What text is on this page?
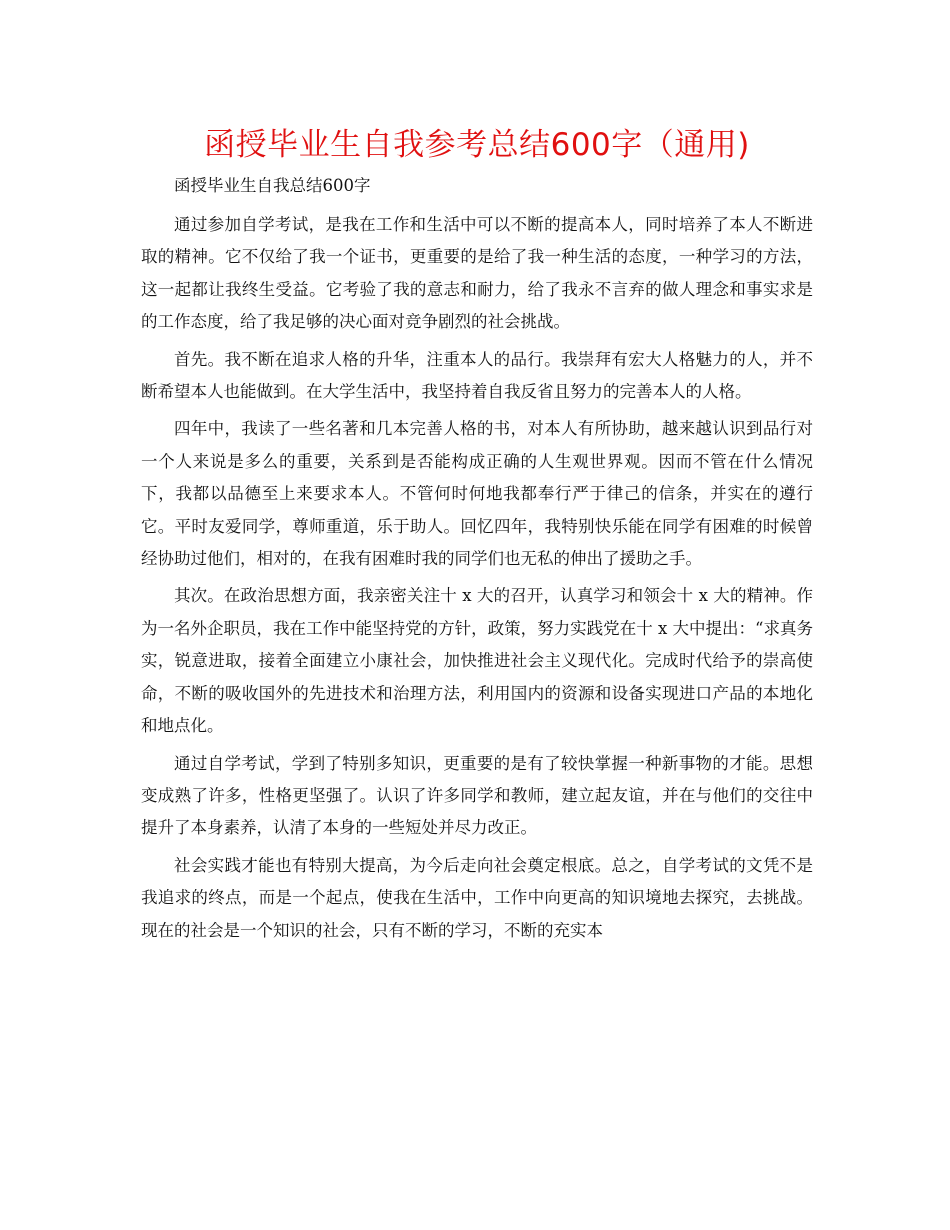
函授毕业生自我参考总结600字（通用)
函授毕业生自我总结600字

通过参加自学考试，是我在工作和生活中可以不断的提高本人，同时培养了本人不断进取的精神。它不仅给了我一个证书，更重要的是给了我一种生活的态度，一种学习的方法，这一起都让我终生受益。它考验了我的意志和耐力，给了我永不言弃的做人理念和事实求是的工作态度，给了我足够的决心面对竞争剧烈的社会挑战。

首先。我不断在追求人格的升华，注重本人的品行。我崇拜有宏大人格魅力的人，并不断希望本人也能做到。在大学生活中，我坚持着自我反省且努力的完善本人的人格。

四年中，我读了一些名著和几本完善人格的书，对本人有所协助，越来越认识到品行对一个人来说是多么的重要，关系到是否能构成正确的人生观世界观。因而不管在什么情况下，我都以品德至上来要求本人。不管何时何地我都奉行严于律己的信条，并实在的遵行它。平时友爱同学，尊师重道，乐于助人。回忆四年，我特别快乐能在同学有困难的时候曾经协助过他们，相对的，在我有困难时我的同学们也无私的伸出了援助之手。

其次。在政治思想方面，我亲密关注十 x 大的召开，认真学习和领会十 x 大的精神。作为一名外企职员，我在工作中能坚持党的方针，政策，努力实践党在十 x 大中提出：“求真务实，锐意进取，接着全面建立小康社会，加快推进社会主义现代化。完成时代给予的崇高使命，不断的吸收国外的先进技术和治理方法，利用国内的资源和设备实现进口产品的本地化和地点化。

通过自学考试，学到了特别多知识，更重要的是有了较快掌握一种新事物的才能。思想变成熟了许多，性格更坚强了。认识了许多同学和教师，建立起友谊，并在与他们的交往中提升了本身素养，认清了本身的一些短处并尽力改正。

社会实践才能也有特别大提高，为今后走向社会奠定根底。总之，自学考试的文凭不是我追求的终点，而是一个起点，使我在生活中，工作中向更高的知识境地去探究，去挑战。现在的社会是一个知识的社会，只有不断的学习，不断的充实本
